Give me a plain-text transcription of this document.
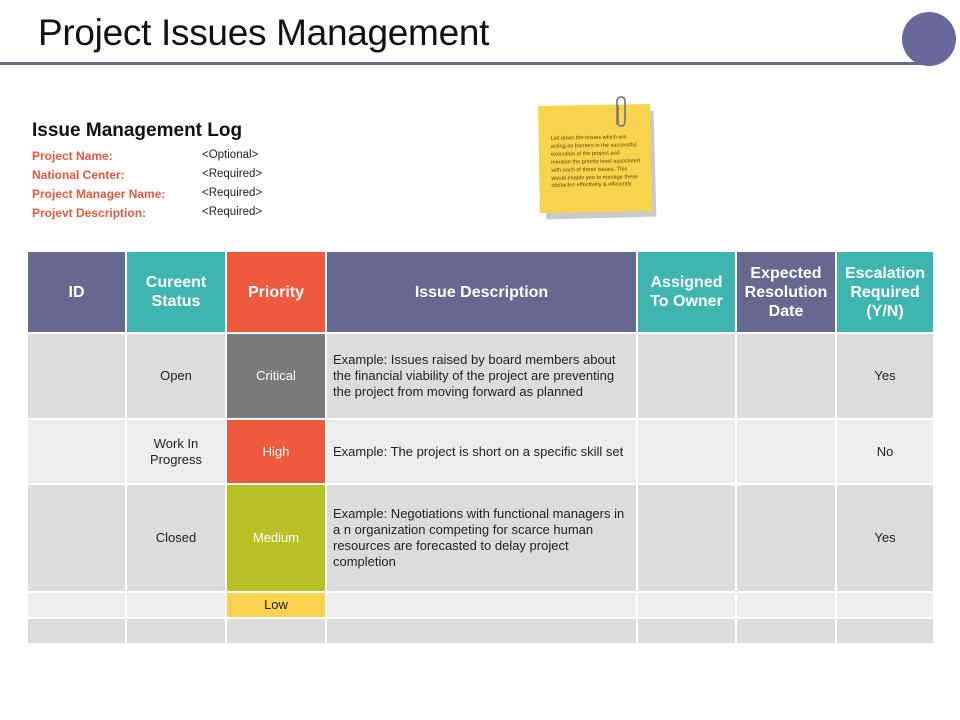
Project Issues Management
Issue Management Log
Project Name:	<Optional>
National Center:	<Required>
Project Manager Name:	<Required>
Projevt Description:	<Required>
List down the issues which are acting as barriers in the successful execution of the project and mention the priority level associated with each of these issues. This would enable you to manage these obstacles effectively & efficiently
ID	Cureent Status	Priority	Issue Description	Assigned To Owner	Expected Resolution Date	Escalation Required (Y/N)
	Open	Critical	Example: Issues raised by board members about the financial viability of the project are preventing the project from moving forward as planned			Yes
	Work In Progress	High	Example: The project is short on a specific skill set			No
	Closed	Medium	Example: Negotiations with functional managers in a n organization competing for scarce human resources are forecasted to delay project completion			Yes
		Low				
